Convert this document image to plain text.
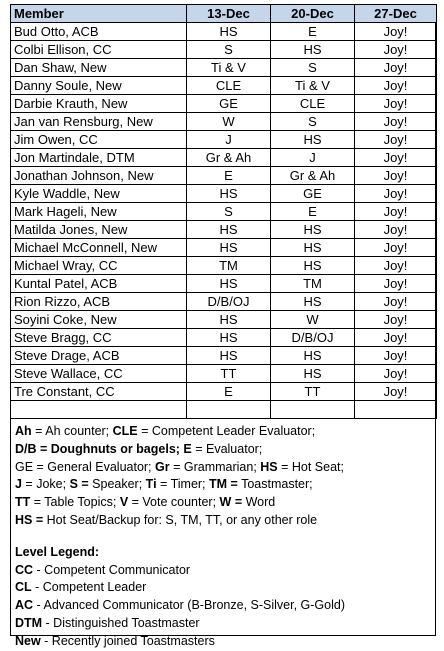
Member	13-Dec	20-Dec	27-Dec
Bud Otto, ACB	HS	E	Joy!
Colbi Ellison, CC	S	HS	Joy!
Dan Shaw, New	Ti & V	S	Joy!
Danny Soule, New	CLE	Ti & V	Joy!
Darbie Krauth, New	GE	CLE	Joy!
Jan van Rensburg, New	W	S	Joy!
Jim Owen, CC	J	HS	Joy!
Jon Martindale, DTM	Gr & Ah	J	Joy!
Jonathan Johnson, New	E	Gr & Ah	Joy!
Kyle Waddle, New	HS	GE	Joy!
Mark Hageli, New	S	E	Joy!
Matilda Jones, New	HS	HS	Joy!
Michael McConnell, New	HS	HS	Joy!
Michael Wray, CC	TM	HS	Joy!
Kuntal Patel, ACB	HS	TM	Joy!
Rion Rizzo, ACB	D/B/OJ	HS	Joy!
Soyini Coke, New	HS	W	Joy!
Steve Bragg, CC	HS	D/B/OJ	Joy!
Steve Drage, ACB	HS	HS	Joy!
Steve Wallace, CC	TT	HS	Joy!
Tre Constant, CC	E	TT	Joy!

Ah = Ah counter; CLE = Competent Leader Evaluator;
D/B = Doughnuts or bagels; E = Evaluator;
GE = General Evaluator; Gr = Grammarian; HS = Hot Seat;
J = Joke; S = Speaker; Ti = Timer; TM = Toastmaster;
TT = Table Topics; V = Vote counter; W = Word
HS = Hot Seat/Backup for: S, TM, TT, or any other role
Level Legend:
CC - Competent Communicator
CL - Competent Leader
AC - Advanced Communicator (B-Bronze, S-Silver, G-Gold)
DTM - Distinguished Toastmaster
New - Recently joined Toastmasters
